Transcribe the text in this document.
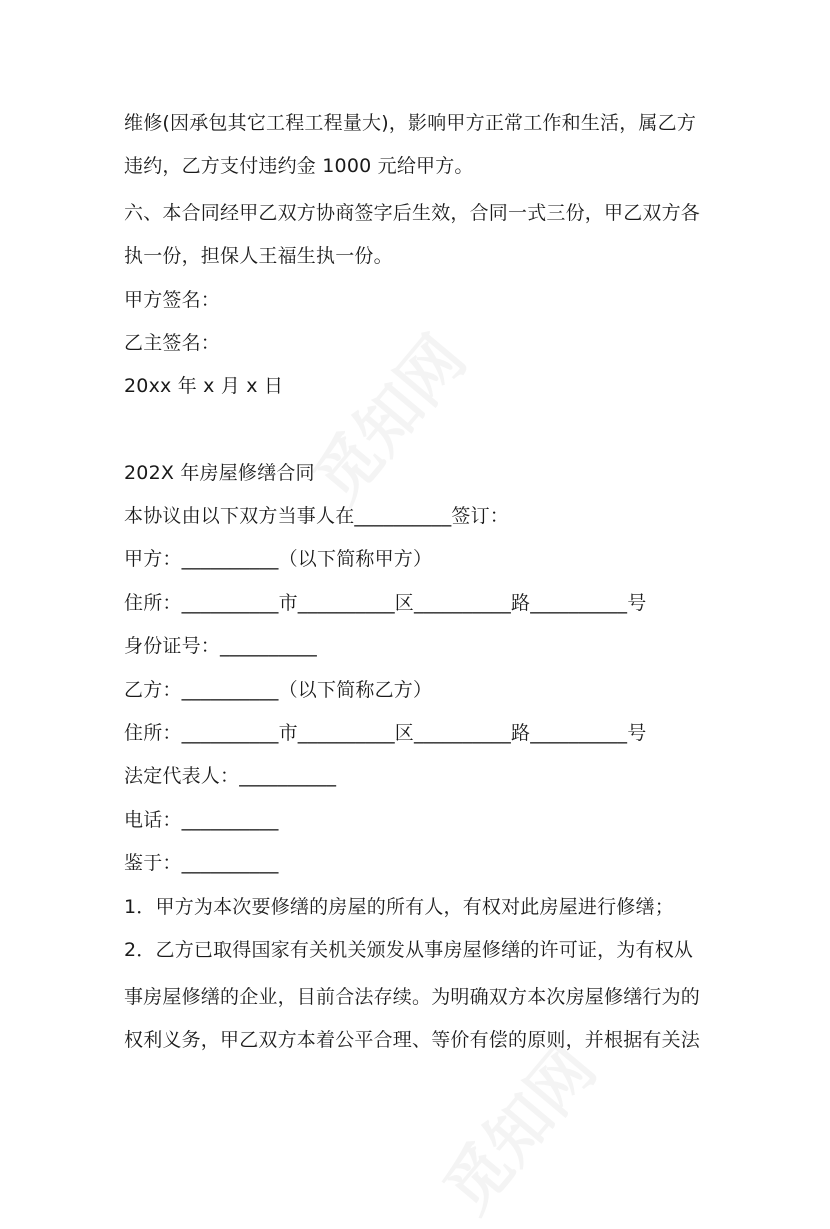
维修(因承包其它工程工程量大)，影响甲方正常工作和生活，属乙方
违约，乙方支付违约金 1000 元给甲方。
六、本合同经甲乙双方协商签字后生效，合同一式三份，甲乙双方各
执一份，担保人王福生执一份。
甲方签名：
乙主签名：
20xx 年 x 月 x 日
202X 年房屋修缮合同
本协议由以下双方当事人在__________签订：
甲方：__________（以下简称甲方）
住所：__________市__________区__________路__________号
身份证号：__________
乙方：__________（以下简称乙方）
住所：__________市__________区__________路__________号
法定代表人：__________
电话：__________
鉴于：__________
1．甲方为本次要修缮的房屋的所有人，有权对此房屋进行修缮；
2．乙方已取得国家有关机关颁发从事房屋修缮的许可证，为有权从
事房屋修缮的企业，目前合法存续。为明确双方本次房屋修缮行为的
权利义务，甲乙双方本着公平合理、等价有偿的原则，并根据有关法
